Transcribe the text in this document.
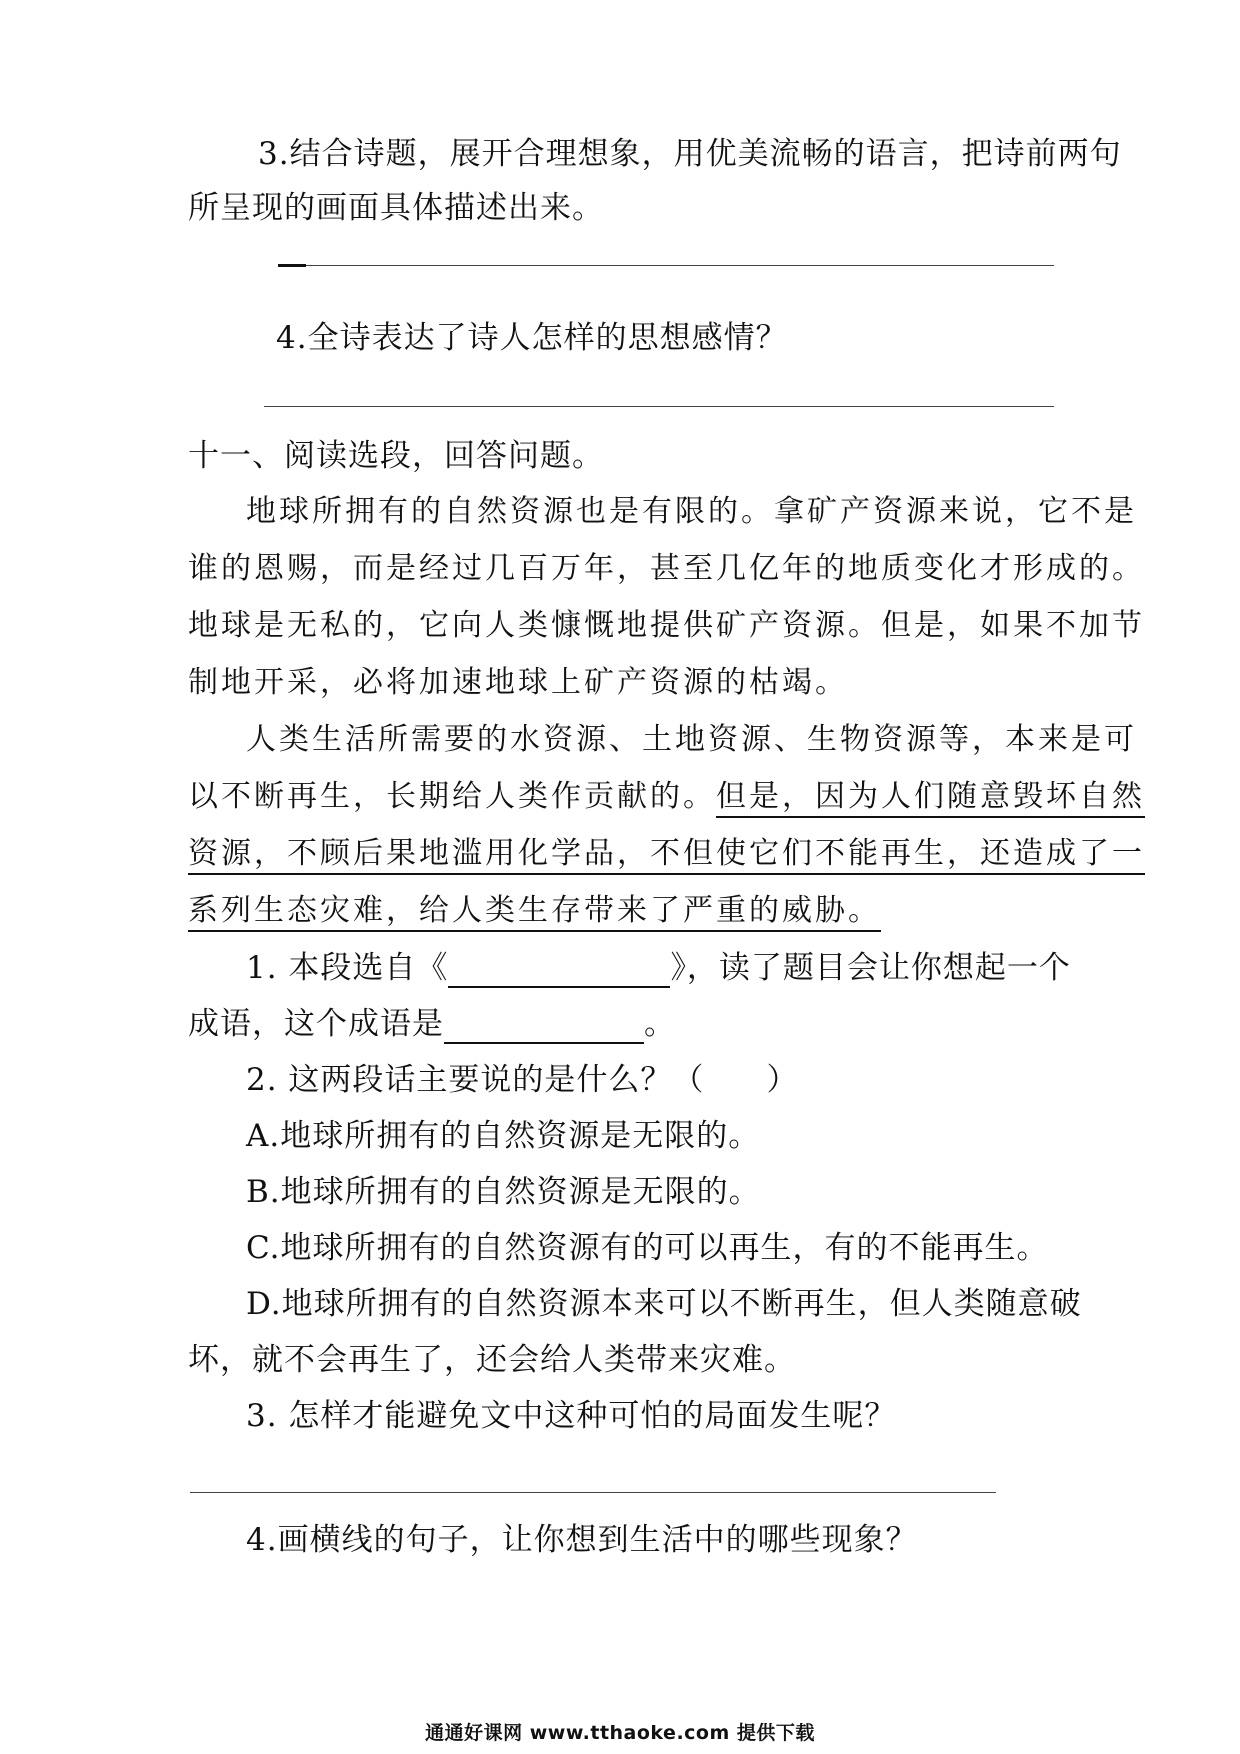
3.结合诗题，展开合理想象，用优美流畅的语言，把诗前两句
所呈现的画面具体描述出来。
4.全诗表达了诗人怎样的思想感情？
十一、阅读选段，回答问题。
地球所拥有的自然资源也是有限的。拿矿产资源来说，它不是
谁的恩赐，而是经过几百万年，甚至几亿年的地质变化才形成的。
地球是无私的，它向人类慷慨地提供矿产资源。但是，如果不加节
制地开采，必将加速地球上矿产资源的枯竭。
人类生活所需要的水资源、土地资源、生物资源等，本来是可
以不断再生，长期给人类作贡献的。但是，因为人们随意毁坏自然
资源，不顾后果地滥用化学品，不但使它们不能再生，还造成了一
系列生态灾难，给人类生存带来了严重的威胁。
1. 本段选自《	》，读了题目会让你想起一个
成语，这个成语是	。
2. 这两段话主要说的是什么？（ ）
A.地球所拥有的自然资源是无限的。
B.地球所拥有的自然资源是无限的。
C.地球所拥有的自然资源有的可以再生，有的不能再生。
D.地球所拥有的自然资源本来可以不断再生，但人类随意破
坏，就不会再生了，还会给人类带来灾难。
3. 怎样才能避免文中这种可怕的局面发生呢？
4.画横线的句子，让你想到生活中的哪些现象？
通通好课网 www.tthaoke.com 提供下载
